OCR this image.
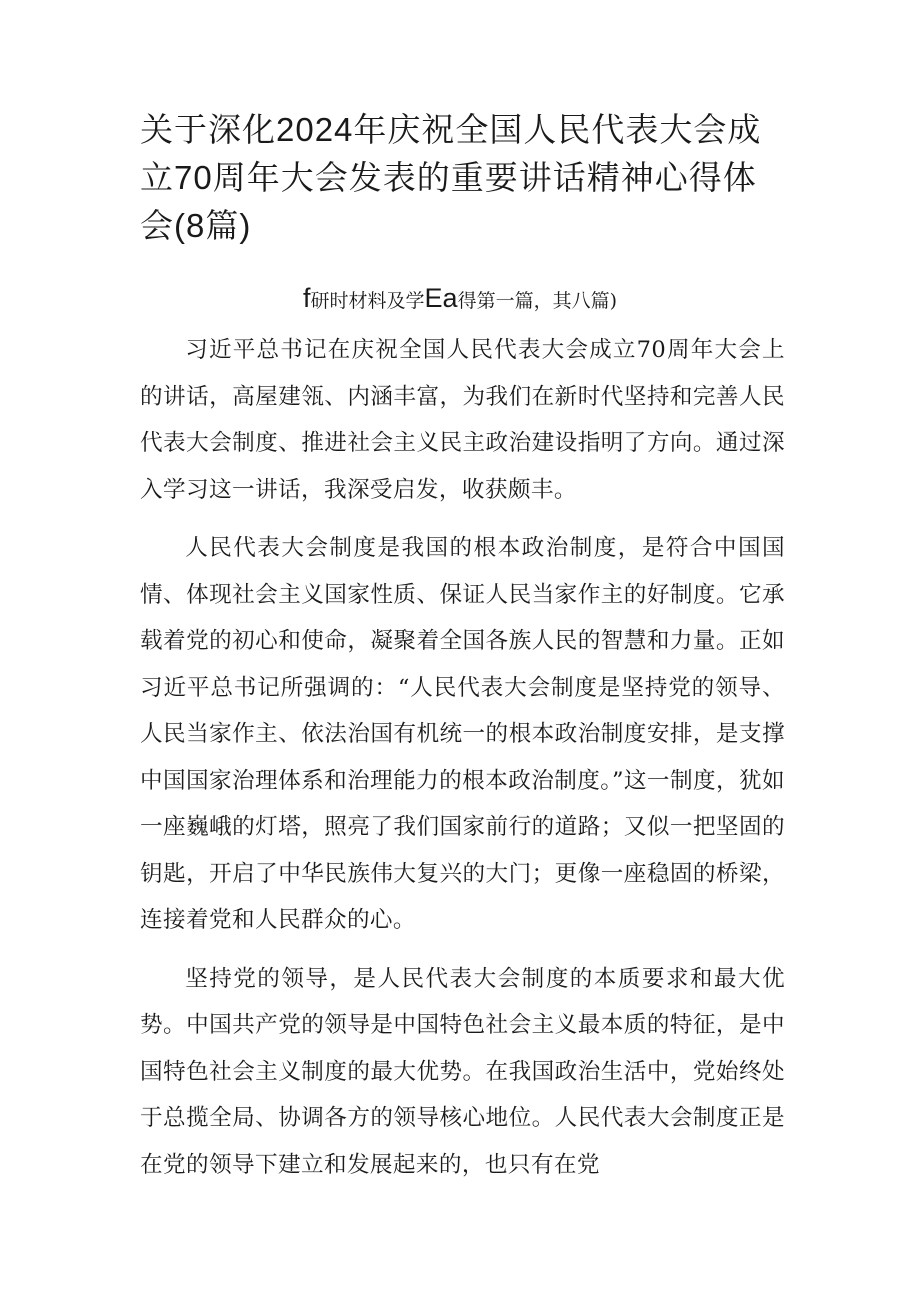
关于深化2024年庆祝全国人民代表大会成立70周年大会发表的重要讲话精神心得体会(8篇)
f研时材料及学Ea得第一篇，其八篇)

习近平总书记在庆祝全国人民代表大会成立70周年大会上的讲话，高屋建瓴、内涵丰富，为我们在新时代坚持和完善人民代表大会制度、推进社会主义民主政治建设指明了方向。通过深入学习这一讲话，我深受启发，收获颇丰。

人民代表大会制度是我国的根本政治制度，是符合中国国情、体现社会主义国家性质、保证人民当家作主的好制度。它承载着党的初心和使命，凝聚着全国各族人民的智慧和力量。正如习近平总书记所强调的：“人民代表大会制度是坚持党的领导、人民当家作主、依法治国有机统一的根本政治制度安排，是支撑中国国家治理体系和治理能力的根本政治制度。”这一制度，犹如一座巍峨的灯塔，照亮了我们国家前行的道路；又似一把坚固的钥匙，开启了中华民族伟大复兴的大门；更像一座稳固的桥梁，连接着党和人民群众的心。

坚持党的领导，是人民代表大会制度的本质要求和最大优势。中国共产党的领导是中国特色社会主义最本质的特征，是中国特色社会主义制度的最大优势。在我国政治生活中，党始终处于总揽全局、协调各方的领导核心地位。人民代表大会制度正是在党的领导下建立和发展起来的，也只有在党
